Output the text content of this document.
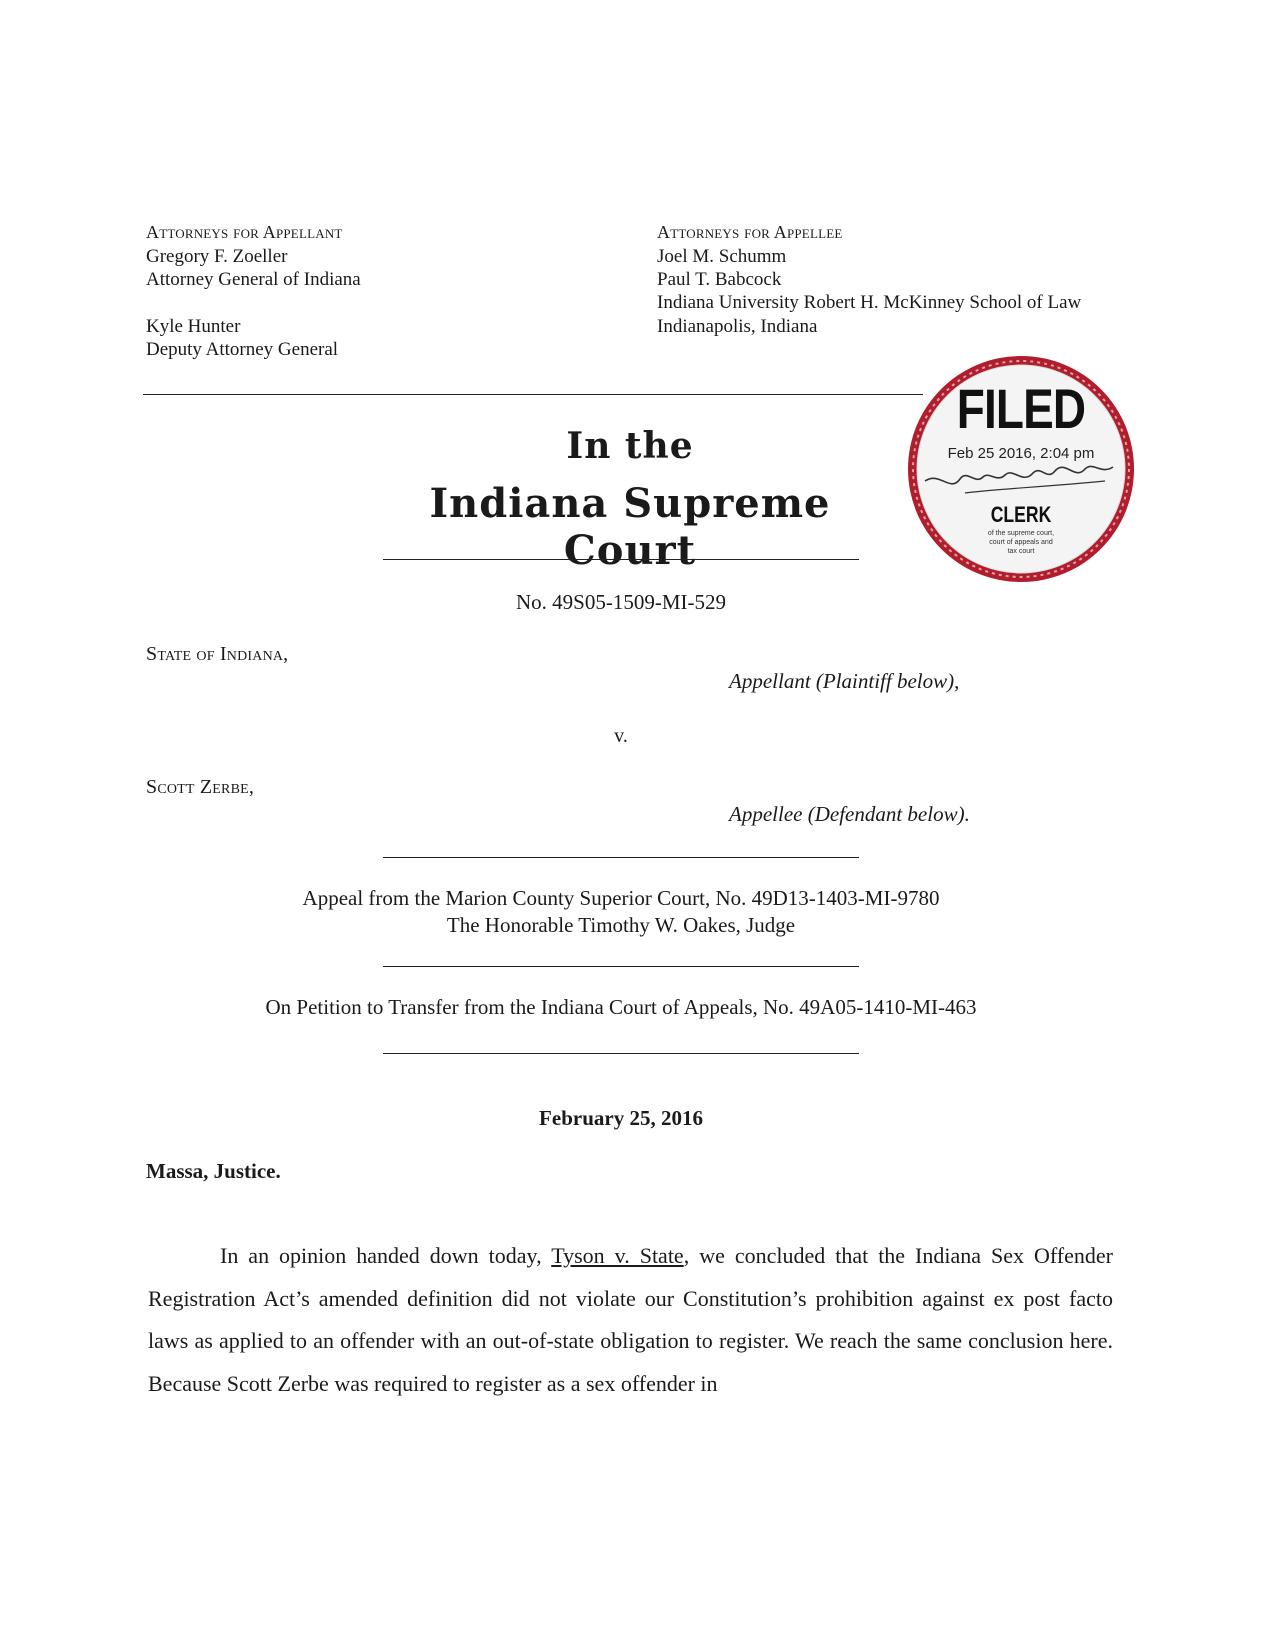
Attorneys for Appellant
Gregory F. Zoeller
Attorney General of Indiana
Kyle Hunter
Deputy Attorney General
Attorneys for Appellee
Joel M. Schumm
Paul T. Babcock
Indiana University Robert H. McKinney School of Law
Indianapolis, Indiana
In the
Indiana Supreme Court
FILED
Feb 25 2016, 2:04 pm
CLERK
of the supreme court,
court of appeals and
tax court
No. 49S05-1509-MI-529
State of Indiana,
Appellant (Plaintiff below),
v.
Scott Zerbe,
Appellee (Defendant below).
Appeal from the Marion County Superior Court, No. 49D13-1403-MI-9780
The Honorable Timothy W. Oakes, Judge
On Petition to Transfer from the Indiana Court of Appeals, No. 49A05-1410-MI-463
February 25, 2016
Massa, Justice.
In an opinion handed down today, Tyson v. State, we concluded that the Indiana Sex Offender Registration Act’s amended definition did not violate our Constitution’s prohibition against ex post facto laws as applied to an offender with an out-of-state obligation to register. We reach the same conclusion here. Because Scott Zerbe was required to register as a sex offender in
